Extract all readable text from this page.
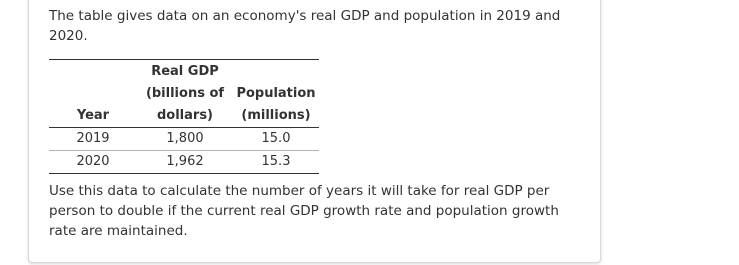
The table gives data on an economy's real GDP and population in 2019 and 2020.

	Real GDP	
	(billions of	Population
Year	dollars)	(millions)
2019	1,800	15.0
2020	1,962	15.3

Use this data to calculate the number of years it will take for real GDP per person to double if the current real GDP growth rate and population growth rate are maintained.
